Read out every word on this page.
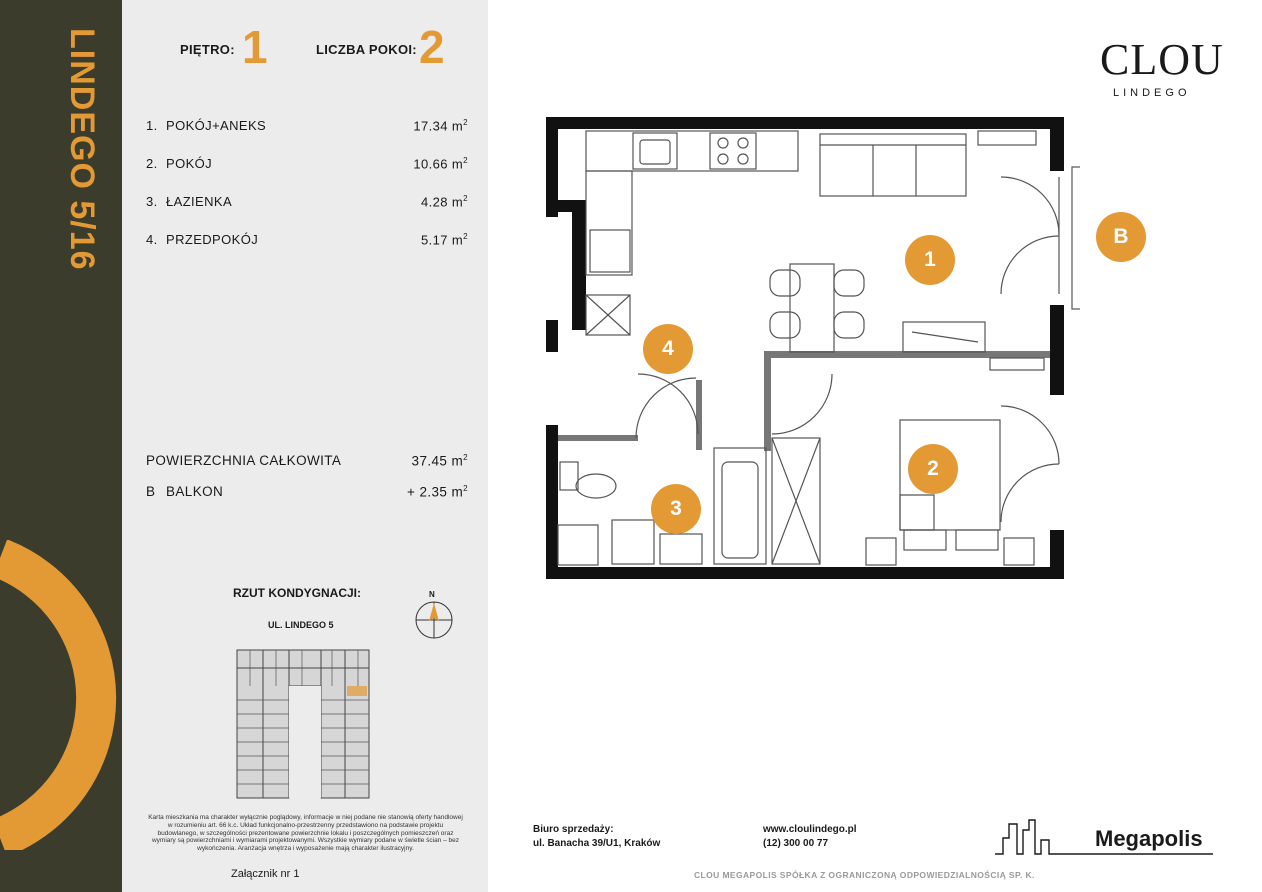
LINDEGO 5/16	PIĘTRO: 1	LICZBA POKOI: 2
1. POKÓJ+ANEKS	17.34 $m^2$
2. POKÓJ	10.66 $m^2$
3. ŁAZIENKA	4.28 $m^2$
4. PRZEDPOKÓJ	5.17 $m^2$
POWIERZCHNIA CAŁKOWITA	37.45 $m^2$
B BALKON	+ 2.35 $m^2$
RZUT KONDYGNACJI:
UL. LINDEGO 5
N
Karta mieszkania ma charakter wyłącznie poglądowy, informacje w niej podane nie stanowią oferty handlowej w rozumieniu art. 66 k.c. Układ funkcjonalno-przestrzenny przedstawiono na podstawie projektu budowlanego, w szczególności prezentowane powierzchnie lokalu i poszczególnych pomieszczeń oraz wymiary są powierzchniami i wymiarami projektowanymi. Wszystkie wymiary podane w świetle ścian – bez wykończenia. Aranżacja wnętrza i wyposażenie mają charakter ilustracyjny.
Załącznik nr 1
1
2
3
4
B
CLOU
LINDEGO
Biuro sprzedaży:
ul. Banacha 39/U1, Kraków
www.cloulindego.pl
(12) 300 00 77	Megapolis
CLOU MEGAPOLIS SPÓŁKA Z OGRANICZONĄ ODPOWIEDZIALNOŚCIĄ SP. K.
